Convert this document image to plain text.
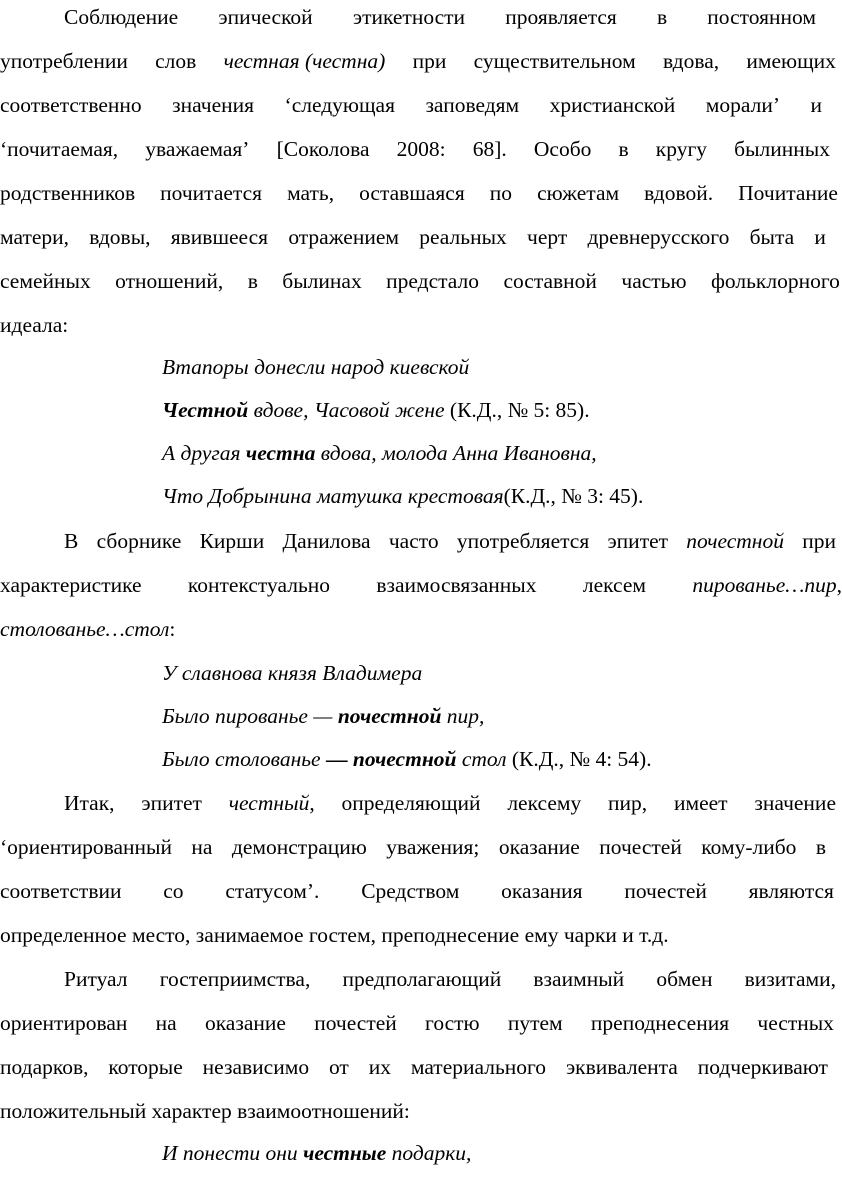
Соблюдение эпической этикетности проявляется в постоянном
употреблении слов честная (честна) при существительном вдова, имеющих
соответственно значения ‘следующая заповедям христианской морали’ и
‘почитаемая, уважаемая’ [Соколова 2008: 68]. Особо в кругу былинных
родственников почитается мать, оставшаяся по сюжетам вдовой. Почитание
матери, вдовы, явившееся отражением реальных черт древнерусского быта и
семейных отношений, в былинах предстало составной частью фольклорного
идеала:
Втапоры донесли народ киевской
Честной вдове, Часовой жене (К.Д., № 5: 85).
А другая честна вдова, молода Анна Ивановна,
Что Добрынина матушка крестовая(К.Д., № 3: 45).
В сборнике Кирши Данилова часто употребляется эпитет почестной при
характеристике контекстуально взаимосвязанных лексем пированье…пир,
столованье…стол:
У славнова князя Владимера
Было пированье — почестной пир,
Было столованье — почестной стол (К.Д., № 4: 54).
Итак, эпитет честный, определяющий лексему пир, имеет значение
‘ориентированный на демонстрацию уважения; оказание почестей кому-либо в
соответствии со статусом’. Средством оказания почестей являются
определенное место, занимаемое гостем, преподнесение ему чарки и т.д.
Ритуал гостеприимства, предполагающий взаимный обмен визитами,
ориентирован на оказание почестей гостю путем преподнесения честных
подарков, которые независимо от их материального эквивалента подчеркивают
положительный характер взаимоотношений:
И понести они честные подарки,
